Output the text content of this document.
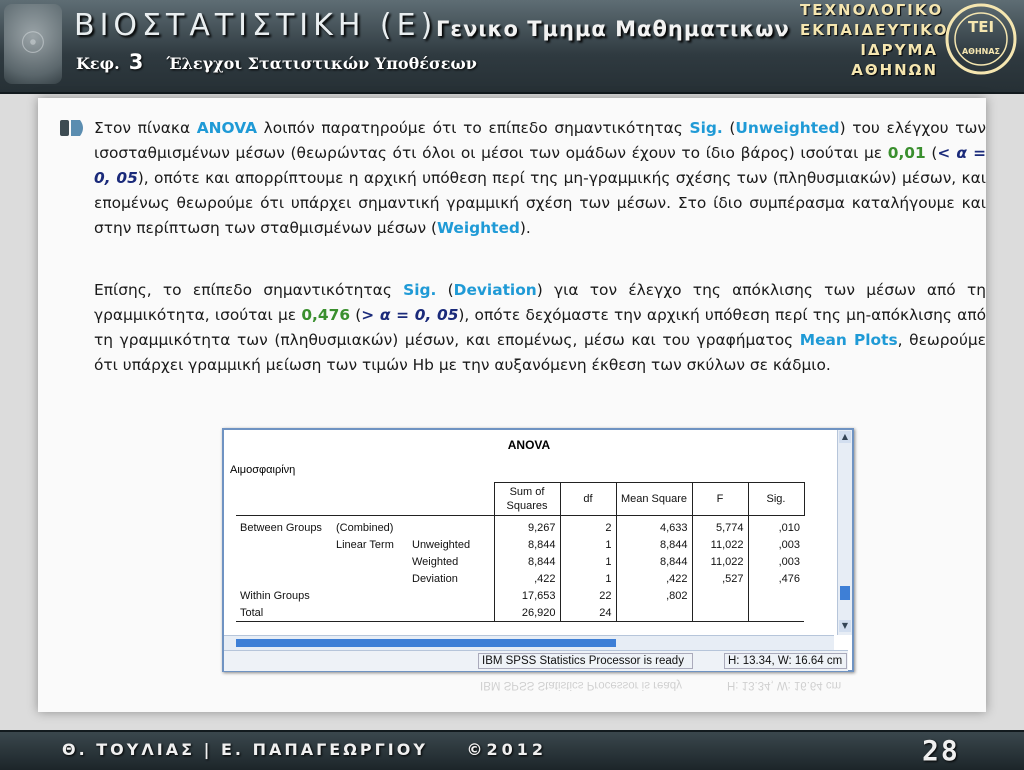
☉
ΒΙΟΣΤΑΤΙΣΤΙΚΗ (Ε)
Γενικο Τμημα Μαθηματικων
Κεφ. 3 Έλεγχοι Στατιστικών Υποθέσεων
ΤΕΧΝΟΛΟΓΙΚΟ
ΕΚΠΑΙΔΕΥΤΙΚΟ
ΙΔΡΥΜΑ
ΑΘΗΝΩΝ
ΤΕΙ
ΑΘΗΝΑΣ

Στον πίνακα ANOVA λοιπόν παρατηρούμε ότι το επίπεδο σημαντικότητας Sig. (Unweighted) του ελέγχου των ισοσταθμισμένων μέσων (θεωρώντας ότι όλοι οι μέσοι των ομάδων έχουν το ίδιο βάρος) ισούται με 0,01 (< α = 0, 05), οπότε και απορρίπτουμε η αρχική υπόθεση περί της μη-γραμμικής σχέσης των (πληθυσμιακών) μέσων, και επομένως θεωρούμε ότι υπάρχει σημαντική γραμμική σχέση των μέσων. Στο ίδιο συμπέρασμα καταλήγουμε και στην περίπτωση των σταθμισμένων μέσων (Weighted).

Επίσης, το επίπεδο σημαντικότητας Sig. (Deviation) για τον έλεγχο της απόκλισης των μέσων από τη γραμμικότητα, ισούται με 0,476 (> α = 0, 05), οπότε δεχόμαστε την αρχική υπόθεση περί της μη-απόκλισης από τη γραμμικότητα των (πληθυσμιακών) μέσων, και επομένως, μέσω και του γραφήματος Mean Plots, θεωρούμε ότι υπάρχει γραμμική μείωση των τιμών Hb με την αυξανόμενη έκθεση των σκύλων σε κάδμιο.

ANOVA
Αιμοσφαιρίνη
			Sum of Squares	df	Mean Square	F	Sig.
Between Groups	(Combined)		9,267	2	4,633	5,774	,010
	Linear Term	Unweighted	8,844	1	8,844	11,022	,003
		Weighted	8,844	1	8,844	11,022	,003
		Deviation	,422	1	,422	,527	,476
Within Groups			17,653	22	,802		
Total			26,920	24			
▲
▼
IBM SPSS Statistics Processor is ready	H: 13.34, W: 16.64 cm
IBM SPSS Statistics Processor is ready	H: 13.34, W: 16.64 cm
Θ. ΤΟΥΛΙΑΣ | Ε. ΠΑΠΑΓΕΩΡΓΙΟΥ ©2012	28
